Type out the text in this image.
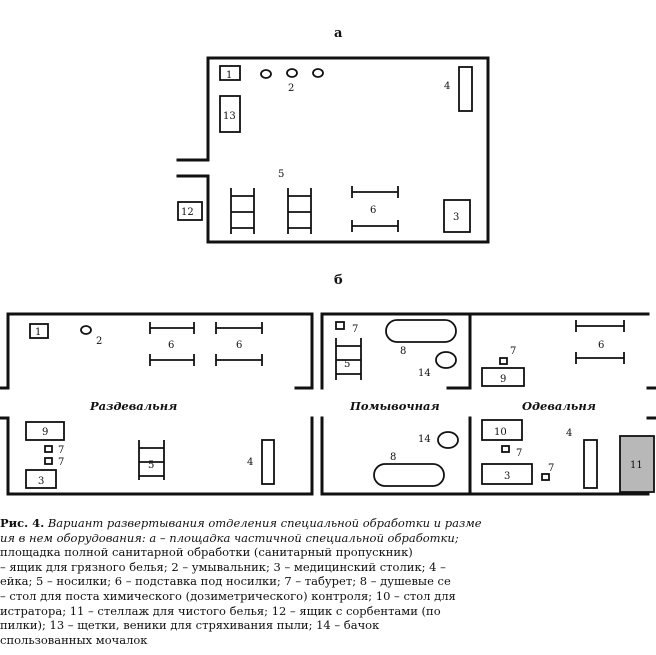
а
1
2	4
13
5
6
12	3
б
1
2	6	6
Раздевальня
9
7
7
3
5	4
7
5
8
14
Помывочная
14
8
6
7
9
Одевальня
10	4
7
3
7	11
Рис. 4. Вариант развертывания отделения специальной обработки и разме
ия в нем оборудования: а – площадка частичной специальной обработки;
площадка полной санитарной обработки (санитарный пропускник)
– ящик для грязного белья; 2 – умывальник; 3 – медицинский столик; 4 –
ейка; 5 – носилки; 6 – подставка под носилки; 7 – табурет; 8 – душевые се
– стол для поста химического (дозиметрического) контроля; 10 – стол для
истратора; 11 – стеллаж для чистого белья; 12 – ящик с сорбентами (по
пилки); 13 – щетки, веники для стряхивания пыли; 14 – бачок
спользованных мочалок
